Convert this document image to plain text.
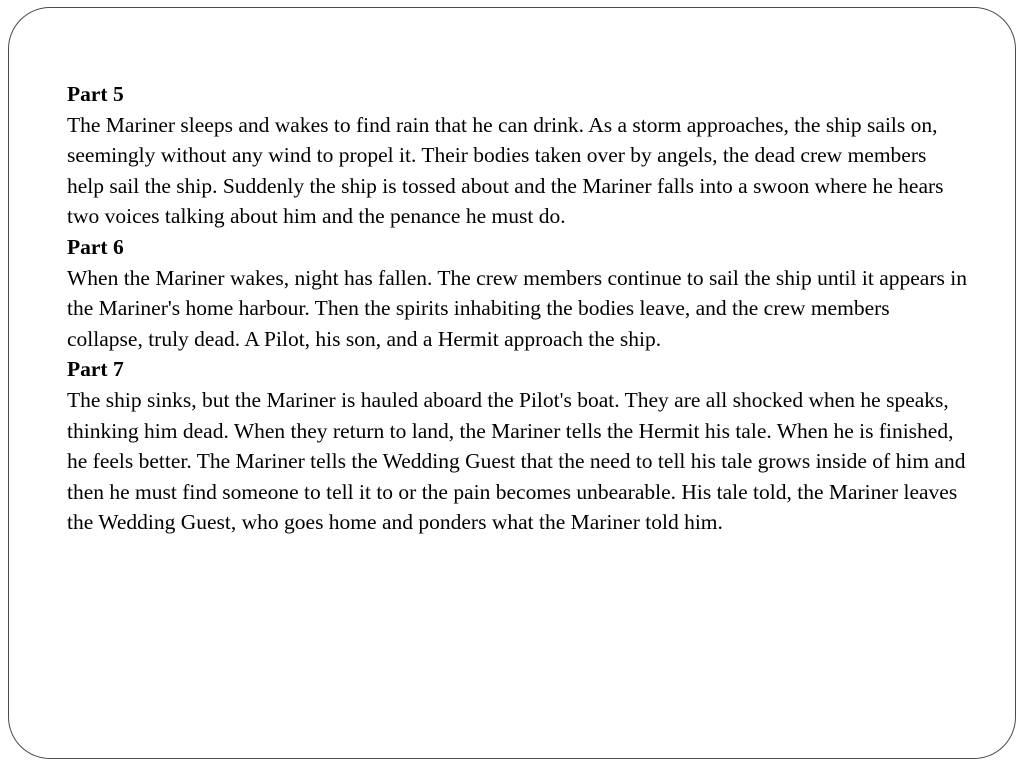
Part 5

The Mariner sleeps and wakes to find rain that he can drink. As a storm approaches, the ship sails on, seemingly without any wind to propel it. Their bodies taken over by angels, the dead crew members help sail the ship. Suddenly the ship is tossed about and the Mariner falls into a swoon where he hears two voices talking about him and the penance he must do.

Part 6

When the Mariner wakes, night has fallen. The crew members continue to sail the ship until it appears in the Mariner's home harbour. Then the spirits inhabiting the bodies leave, and the crew members collapse, truly dead. A Pilot, his son, and a Hermit approach the ship.

Part 7

The ship sinks, but the Mariner is hauled aboard the Pilot's boat. They are all shocked when he speaks, thinking him dead. When they return to land, the Mariner tells the Hermit his tale. When he is finished, he feels better. The Mariner tells the Wedding Guest that the need to tell his tale grows inside of him and then he must find someone to tell it to or the pain becomes unbearable. His tale told, the Mariner leaves the Wedding Guest, who goes home and ponders what the Mariner told him.
